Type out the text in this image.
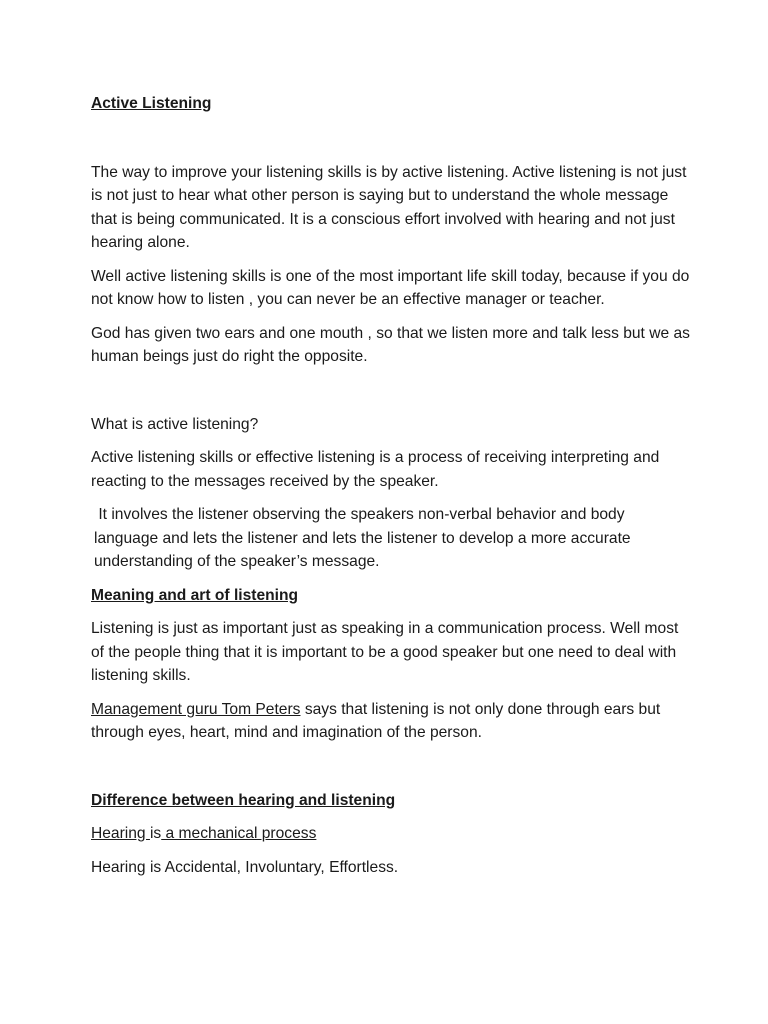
Active Listening

The way to improve your listening skills is by active listening. Active listening is not just is not just to hear what other person is saying but to understand the whole message that is being communicated. It is a conscious effort involved with hearing and not just hearing alone.

Well active listening skills is one of the most important life skill today, because if you do not know how to listen , you can never be an effective manager or teacher.

God has given two ears and one mouth , so that we listen more and talk less but we as human beings just do right the opposite.

What is active listening?

Active listening skills or effective listening is a process of receiving interpreting and reacting to the messages received by the speaker.

It involves the listener observing the speakers non-verbal behavior and body language and lets the listener and lets the listener to develop a more accurate understanding of the speaker’s message.

Meaning and art of listening

Listening is just as important just as speaking in a communication process. Well most of the people thing that it is important to be a good speaker but one need to deal with listening skills.

Management guru Tom Peters says that listening is not only done through ears but through eyes, heart, mind and imagination of the person.

Difference between hearing and listening

Hearing is a mechanical process

Hearing is Accidental, Involuntary, Effortless.
